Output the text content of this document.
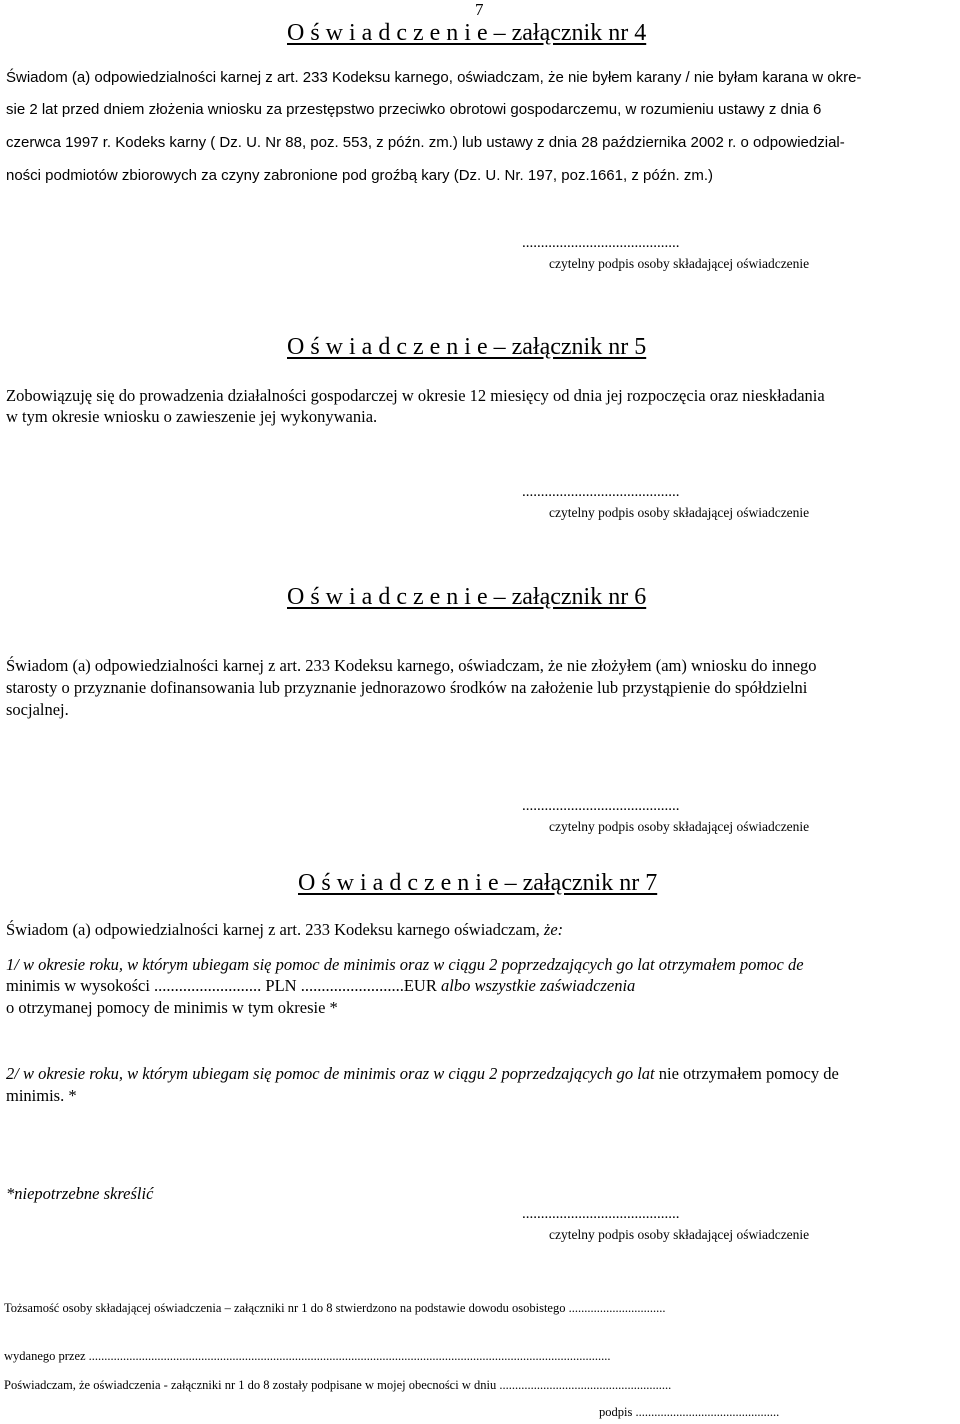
7
O ś w i a d c z e n i e – załącznik nr 4
Świadom (a) odpowiedzialności karnej z art. 233 Kodeksu karnego, oświadczam, że nie byłem karany / nie byłam karana w okre-
sie 2 lat przed dniem złożenia wniosku za przestępstwo przeciwko obrotowi gospodarczemu, w rozumieniu ustawy z dnia 6
czerwca 1997 r. Kodeks karny ( Dz. U. Nr 88, poz. 553, z późn. zm.) lub ustawy z dnia 28 października 2002 r. o odpowiedzial-
ności podmiotów zbiorowych za czyny zabronione pod groźbą kary (Dz. U. Nr. 197, poz.1661, z późn. zm.)
..........................................
czytelny podpis osoby składającej oświadczenie
O ś w i a d c z e n i e – załącznik nr 5
Zobowiązuję się do prowadzenia działalności gospodarczej w okresie 12 miesięcy od dnia jej rozpoczęcia oraz nieskładania
w tym okresie wniosku o zawieszenie jej wykonywania.
..........................................
czytelny podpis osoby składającej oświadczenie
O ś w i a d c z e n i e – załącznik nr 6
Świadom (a) odpowiedzialności karnej z art. 233 Kodeksu karnego, oświadczam, że nie złożyłem (am) wniosku do innego
starosty o przyznanie dofinansowania lub przyznanie jednorazowo środków na założenie lub przystąpienie do spółdzielni
socjalnej.
..........................................
czytelny podpis osoby składającej oświadczenie
O ś w i a d c z e n i e – załącznik nr 7
Świadom (a) odpowiedzialności karnej z art. 233 Kodeksu karnego oświadczam, że:
1/ w okresie roku, w którym ubiegam się pomoc de minimis oraz w ciągu 2 poprzedzających go lat otrzymałem pomoc de
minimis w wysokości .......................... PLN .........................EUR albo wszystkie zaświadczenia
o otrzymanej pomocy de minimis w tym okresie *
2/ w okresie roku, w którym ubiegam się pomoc de minimis oraz w ciągu 2 poprzedzających go lat nie otrzymałem pomocy de
minimis. *
*niepotrzebne skreślić
..........................................
czytelny podpis osoby składającej oświadczenie
Tożsamość osoby składającej oświadczenia – załączniki nr 1 do 8 stwierdzono na podstawie dowodu osobistego ...............................
wydanego przez .......................................................................................................................................................................
Poświadczam, że oświadczenia - załączniki nr 1 do 8 zostały podpisane w mojej obecności w dniu .......................................................
podpis ..............................................
